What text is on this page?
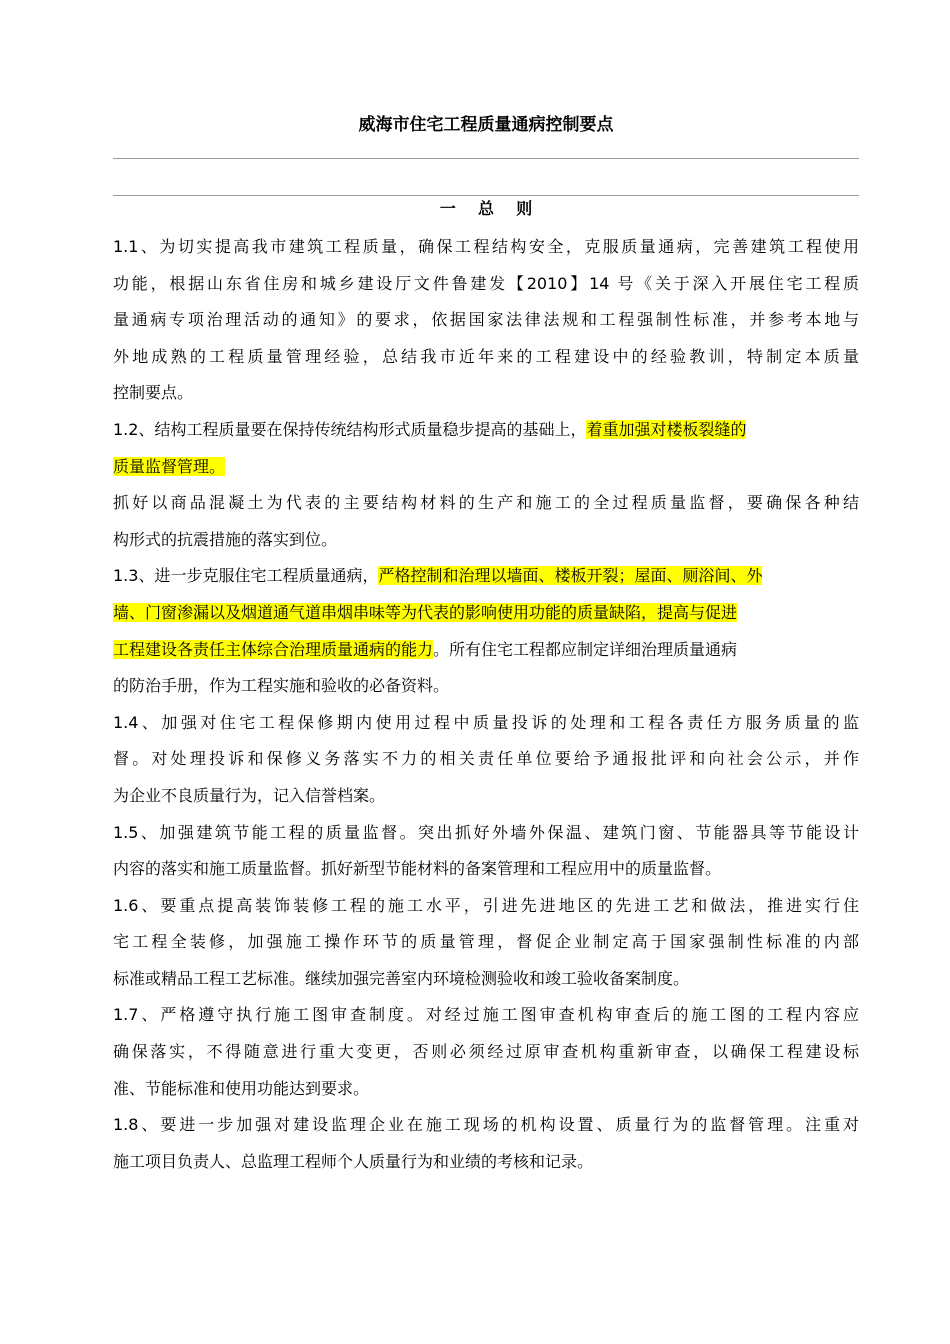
威海市住宅工程质量通病控制要点
一    总    则

1.1、为切实提高我市建筑工程质量，确保工程结构安全，克服质量通病，完善建筑工程使用
功能，根据山东省住房和城乡建设厅文件鲁建发【2010】14 号《关于深入开展住宅工程质
量通病专项治理活动的通知》的要求，依据国家法律法规和工程强制性标准，并参考本地与
外地成熟的工程质量管理经验，总结我市近年来的工程建设中的经验教训，特制定本质量
控制要点。

1.2、结构工程质量要在保持传统结构形式质量稳步提高的基础上，着重加强对楼板裂缝的
质量监督管理。

抓好以商品混凝土为代表的主要结构材料的生产和施工的全过程质量监督，要确保各种结
构形式的抗震措施的落实到位。

1.3、进一步克服住宅工程质量通病，严格控制和治理以墙面、楼板开裂；屋面、厕浴间、外
墙、门窗渗漏以及烟道通气道串烟串味等为代表的影响使用功能的质量缺陷，提高与促进
工程建设各责任主体综合治理质量通病的能力。所有住宅工程都应制定详细治理质量通病
的防治手册，作为工程实施和验收的必备资料。

1.4、加强对住宅工程保修期内使用过程中质量投诉的处理和工程各责任方服务质量的监
督。对处理投诉和保修义务落实不力的相关责任单位要给予通报批评和向社会公示，并作
为企业不良质量行为，记入信誉档案。

1.5、加强建筑节能工程的质量监督。突出抓好外墙外保温、建筑门窗、节能器具等节能设计
内容的落实和施工质量监督。抓好新型节能材料的备案管理和工程应用中的质量监督。

1.6、要重点提高装饰装修工程的施工水平，引进先进地区的先进工艺和做法，推进实行住
宅工程全装修，加强施工操作环节的质量管理，督促企业制定高于国家强制性标准的内部
标准或精品工程工艺标准。继续加强完善室内环境检测验收和竣工验收备案制度。

1.7、严格遵守执行施工图审查制度。对经过施工图审查机构审查后的施工图的工程内容应
确保落实，不得随意进行重大变更，否则必须经过原审查机构重新审查，以确保工程建设标
准、节能标准和使用功能达到要求。

1.8、要进一步加强对建设监理企业在施工现场的机构设置、质量行为的监督管理。注重对
施工项目负责人、总监理工程师个人质量行为和业绩的考核和记录。
